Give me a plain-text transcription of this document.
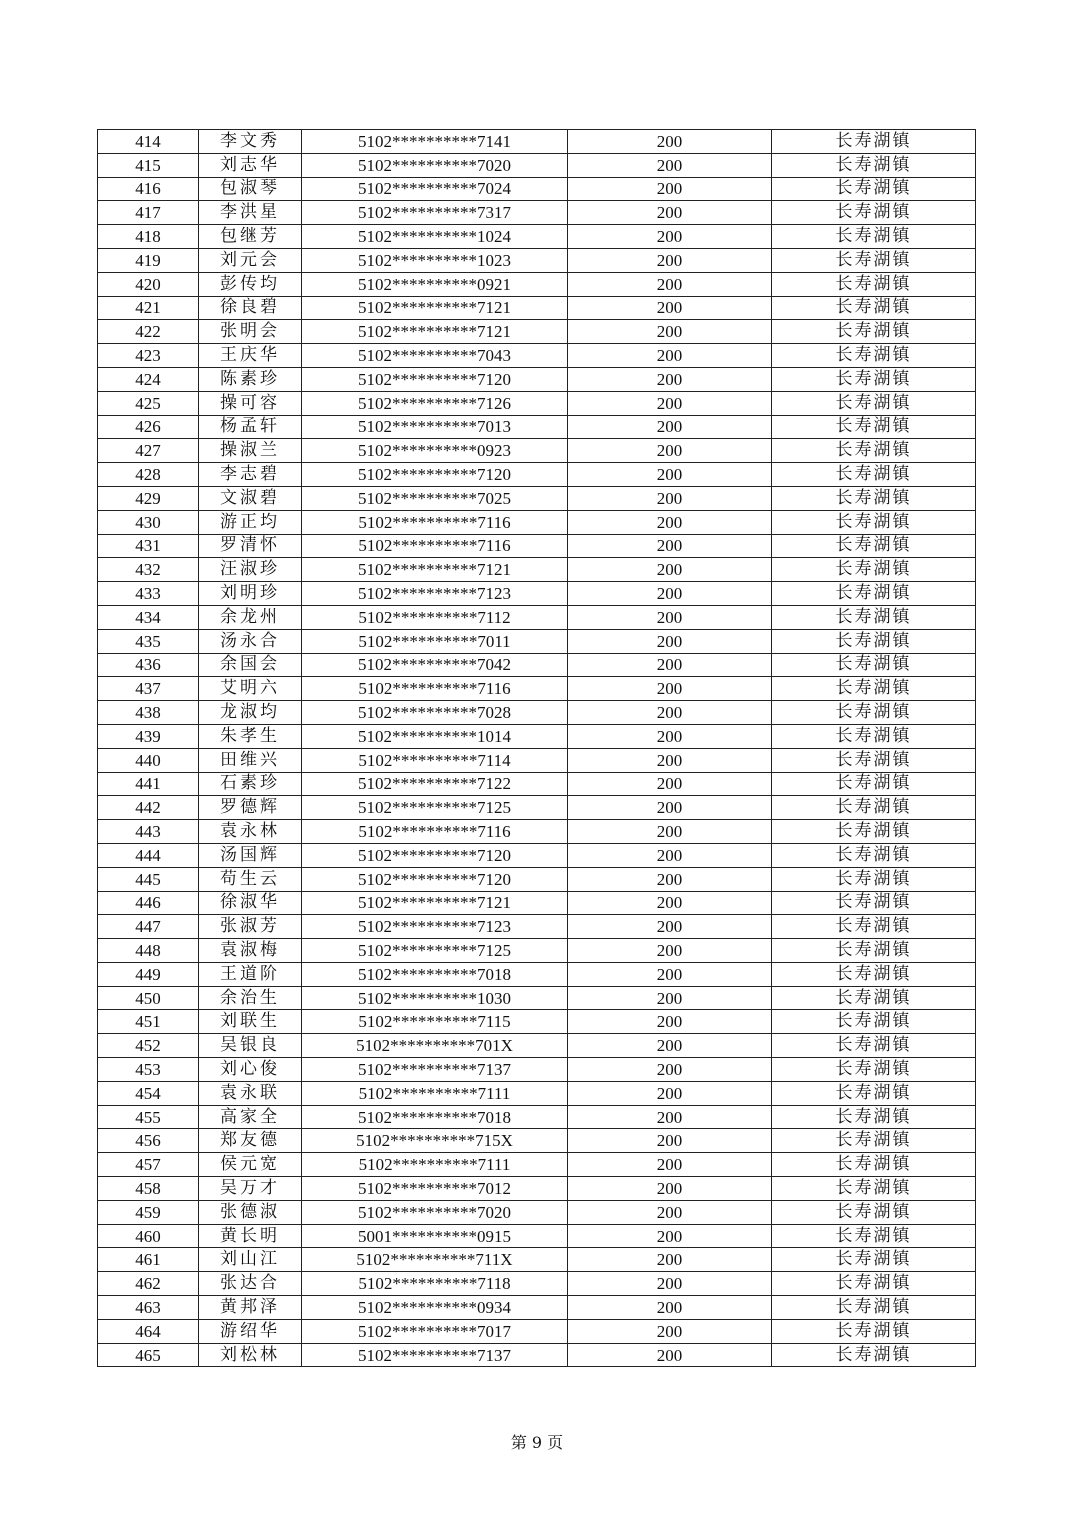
414	李文秀	5102**********7141	200	长寿湖镇
415	刘志华	5102**********7020	200	长寿湖镇
416	包淑琴	5102**********7024	200	长寿湖镇
417	李洪星	5102**********7317	200	长寿湖镇
418	包继芳	5102**********1024	200	长寿湖镇
419	刘元会	5102**********1023	200	长寿湖镇
420	彭传均	5102**********0921	200	长寿湖镇
421	徐良碧	5102**********7121	200	长寿湖镇
422	张明会	5102**********7121	200	长寿湖镇
423	王庆华	5102**********7043	200	长寿湖镇
424	陈素珍	5102**********7120	200	长寿湖镇
425	操可容	5102**********7126	200	长寿湖镇
426	杨孟轩	5102**********7013	200	长寿湖镇
427	操淑兰	5102**********0923	200	长寿湖镇
428	李志碧	5102**********7120	200	长寿湖镇
429	文淑碧	5102**********7025	200	长寿湖镇
430	游正均	5102**********7116	200	长寿湖镇
431	罗清怀	5102**********7116	200	长寿湖镇
432	汪淑珍	5102**********7121	200	长寿湖镇
433	刘明珍	5102**********7123	200	长寿湖镇
434	余龙州	5102**********7112	200	长寿湖镇
435	汤永合	5102**********7011	200	长寿湖镇
436	余国会	5102**********7042	200	长寿湖镇
437	艾明六	5102**********7116	200	长寿湖镇
438	龙淑均	5102**********7028	200	长寿湖镇
439	朱孝生	5102**********1014	200	长寿湖镇
440	田维兴	5102**********7114	200	长寿湖镇
441	石素珍	5102**********7122	200	长寿湖镇
442	罗德辉	5102**********7125	200	长寿湖镇
443	袁永林	5102**********7116	200	长寿湖镇
444	汤国辉	5102**********7120	200	长寿湖镇
445	苟生云	5102**********7120	200	长寿湖镇
446	徐淑华	5102**********7121	200	长寿湖镇
447	张淑芳	5102**********7123	200	长寿湖镇
448	袁淑梅	5102**********7125	200	长寿湖镇
449	王道阶	5102**********7018	200	长寿湖镇
450	余治生	5102**********1030	200	长寿湖镇
451	刘联生	5102**********7115	200	长寿湖镇
452	吴银良	5102**********701X	200	长寿湖镇
453	刘心俊	5102**********7137	200	长寿湖镇
454	袁永联	5102**********7111	200	长寿湖镇
455	高家全	5102**********7018	200	长寿湖镇
456	郑友德	5102**********715X	200	长寿湖镇
457	侯元宽	5102**********7111	200	长寿湖镇
458	吴万才	5102**********7012	200	长寿湖镇
459	张德淑	5102**********7020	200	长寿湖镇
460	黄长明	5001**********0915	200	长寿湖镇
461	刘山江	5102**********711X	200	长寿湖镇
462	张达合	5102**********7118	200	长寿湖镇
463	黄邦泽	5102**********0934	200	长寿湖镇
464	游绍华	5102**********7017	200	长寿湖镇
465	刘松林	5102**********7137	200	长寿湖镇
第 9 页
